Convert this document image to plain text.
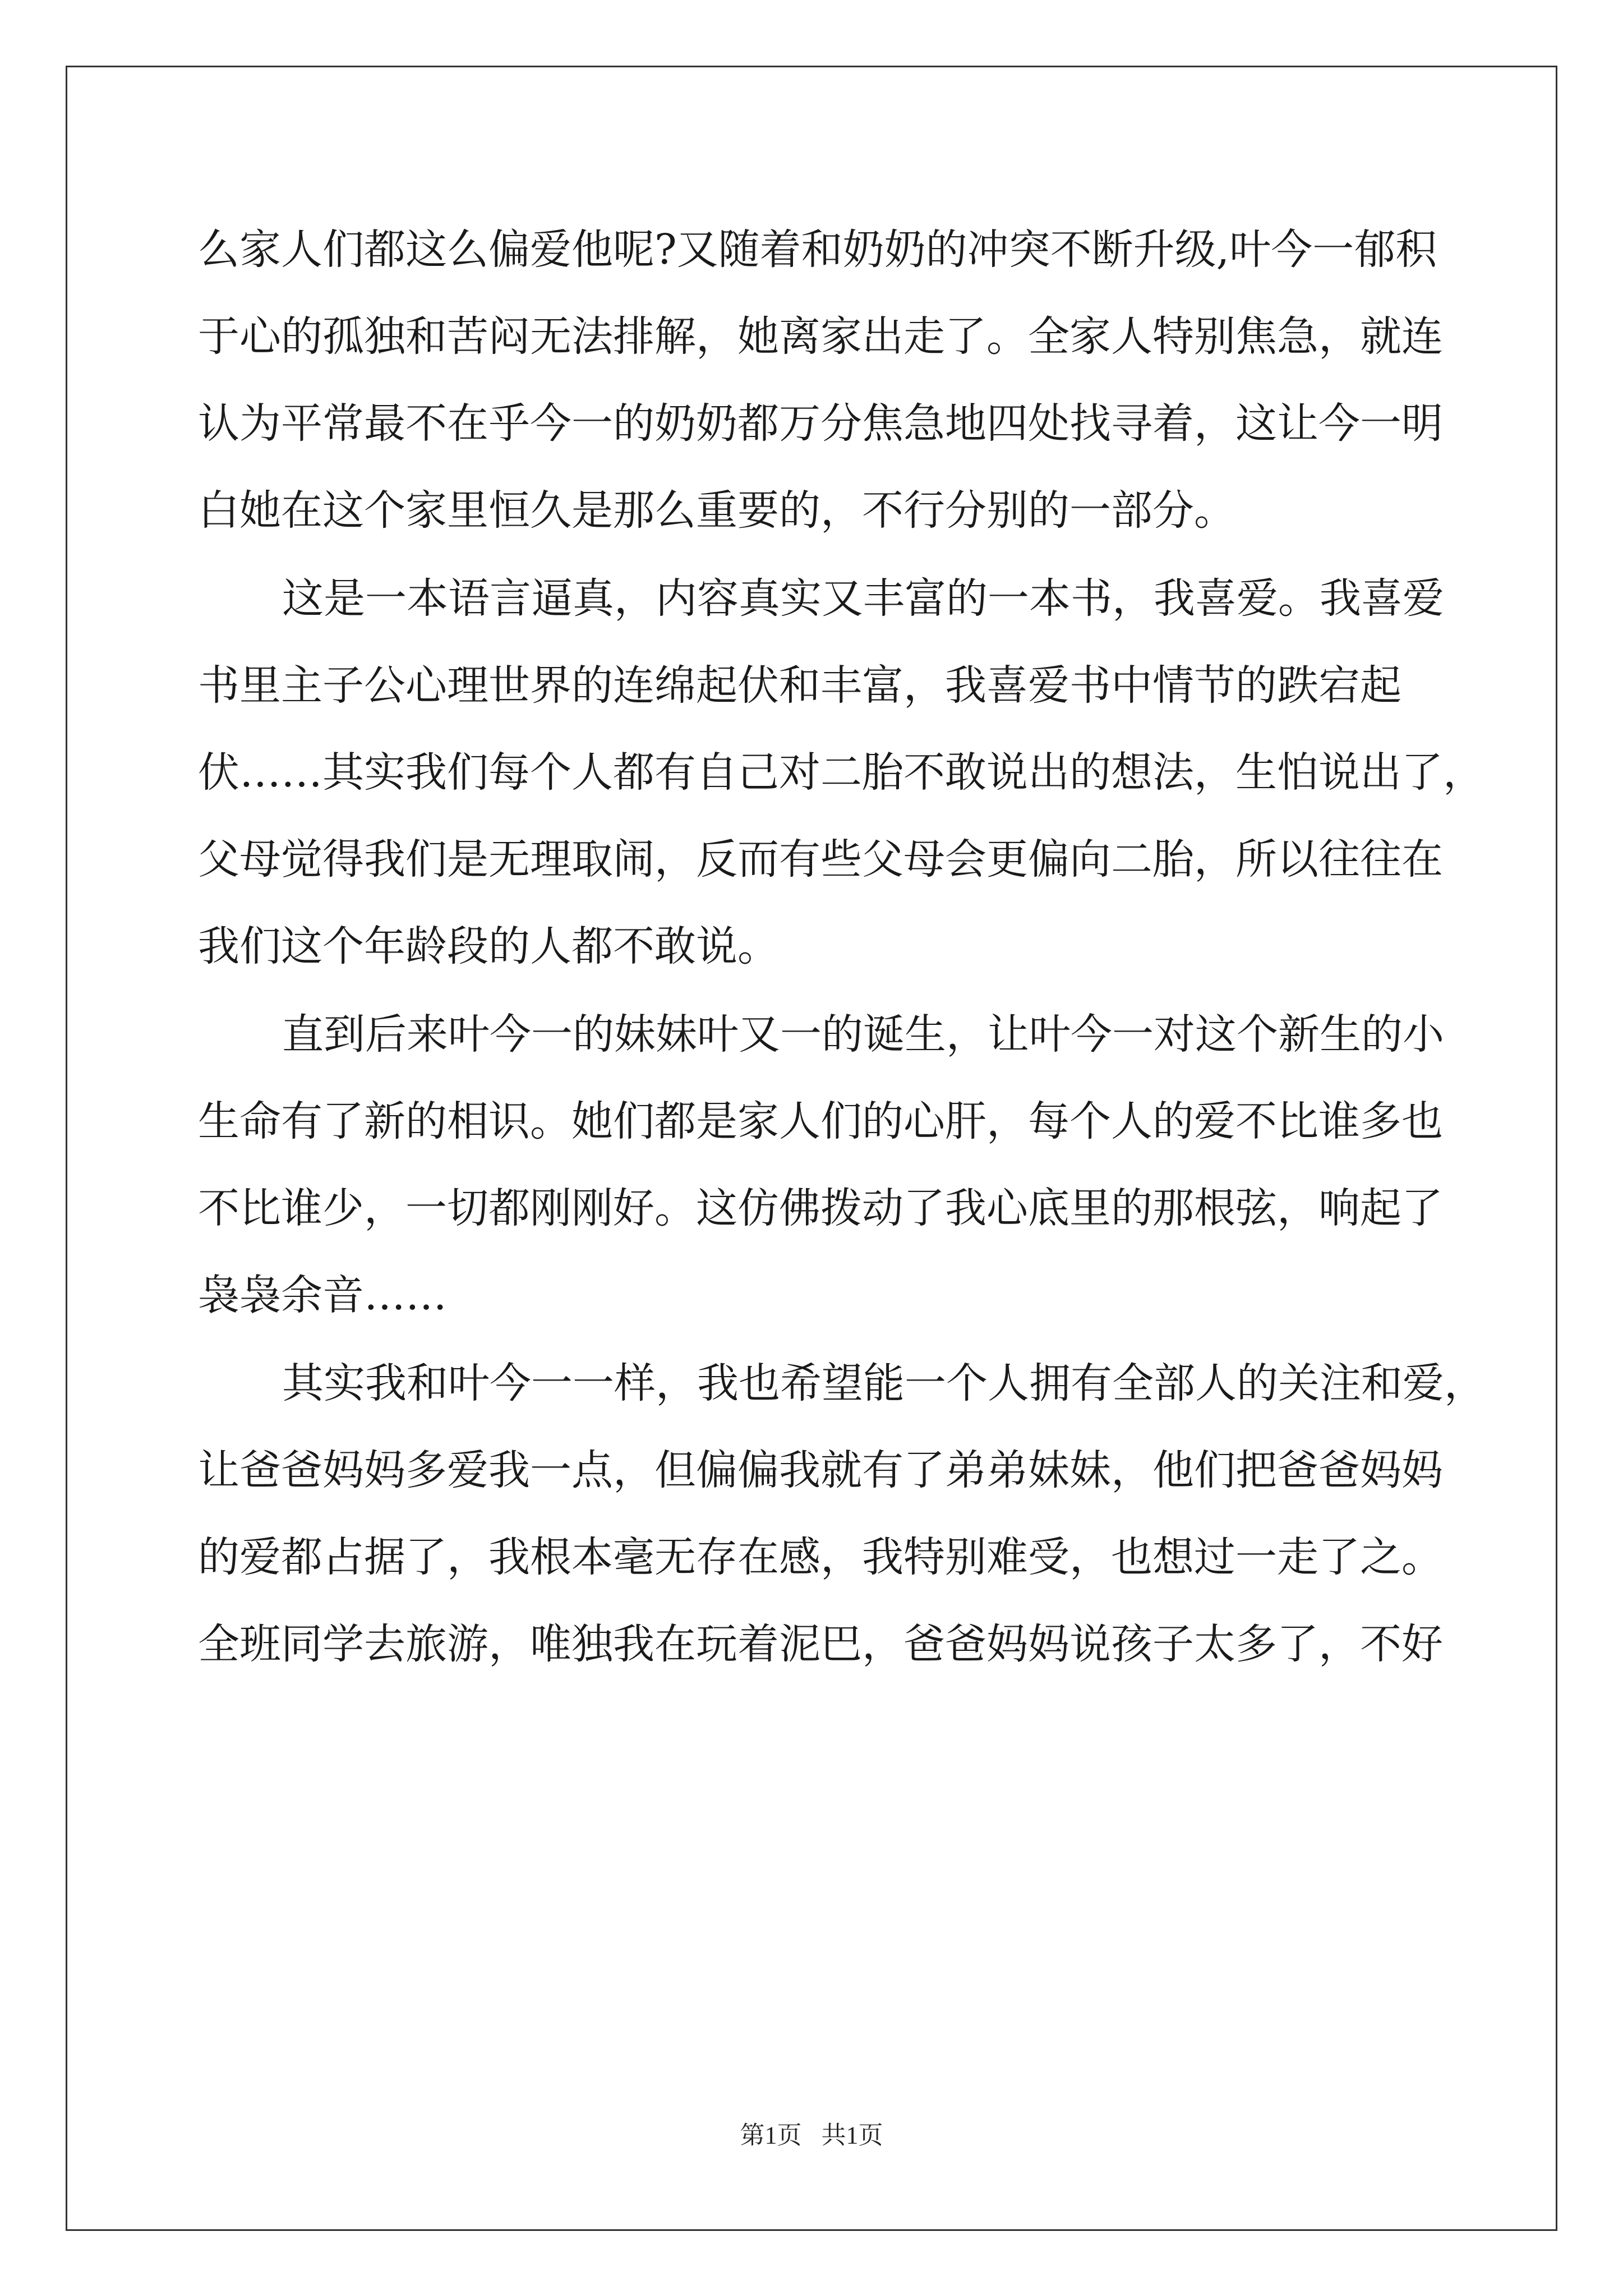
么家人们都这么偏爱他呢?又随着和奶奶的冲突不断升级,叶今一郁积
于心的孤独和苦闷无法排解，她离家出走了。全家人特别焦急，就连
认为平常最不在乎今一的奶奶都万分焦急地四处找寻着，这让今一明
白她在这个家里恒久是那么重要的，不行分别的一部分。
这是一本语言逼真，内容真实又丰富的一本书，我喜爱。我喜爱
书里主子公心理世界的连绵起伏和丰富，我喜爱书中情节的跌宕起
伏……其实我们每个人都有自己对二胎不敢说出的想法，生怕说出了，
父母觉得我们是无理取闹，反而有些父母会更偏向二胎，所以往往在
我们这个年龄段的人都不敢说。
直到后来叶今一的妹妹叶又一的诞生，让叶今一对这个新生的小
生命有了新的相识。她们都是家人们的心肝，每个人的爱不比谁多也
不比谁少，一切都刚刚好。这仿佛拨动了我心底里的那根弦，响起了
袅袅余音……
其实我和叶今一一样，我也希望能一个人拥有全部人的关注和爱，
让爸爸妈妈多爱我一点，但偏偏我就有了弟弟妹妹，他们把爸爸妈妈
的爱都占据了，我根本毫无存在感，我特别难受，也想过一走了之。
全班同学去旅游，唯独我在玩着泥巴，爸爸妈妈说孩子太多了，不好
第1页 共1页
